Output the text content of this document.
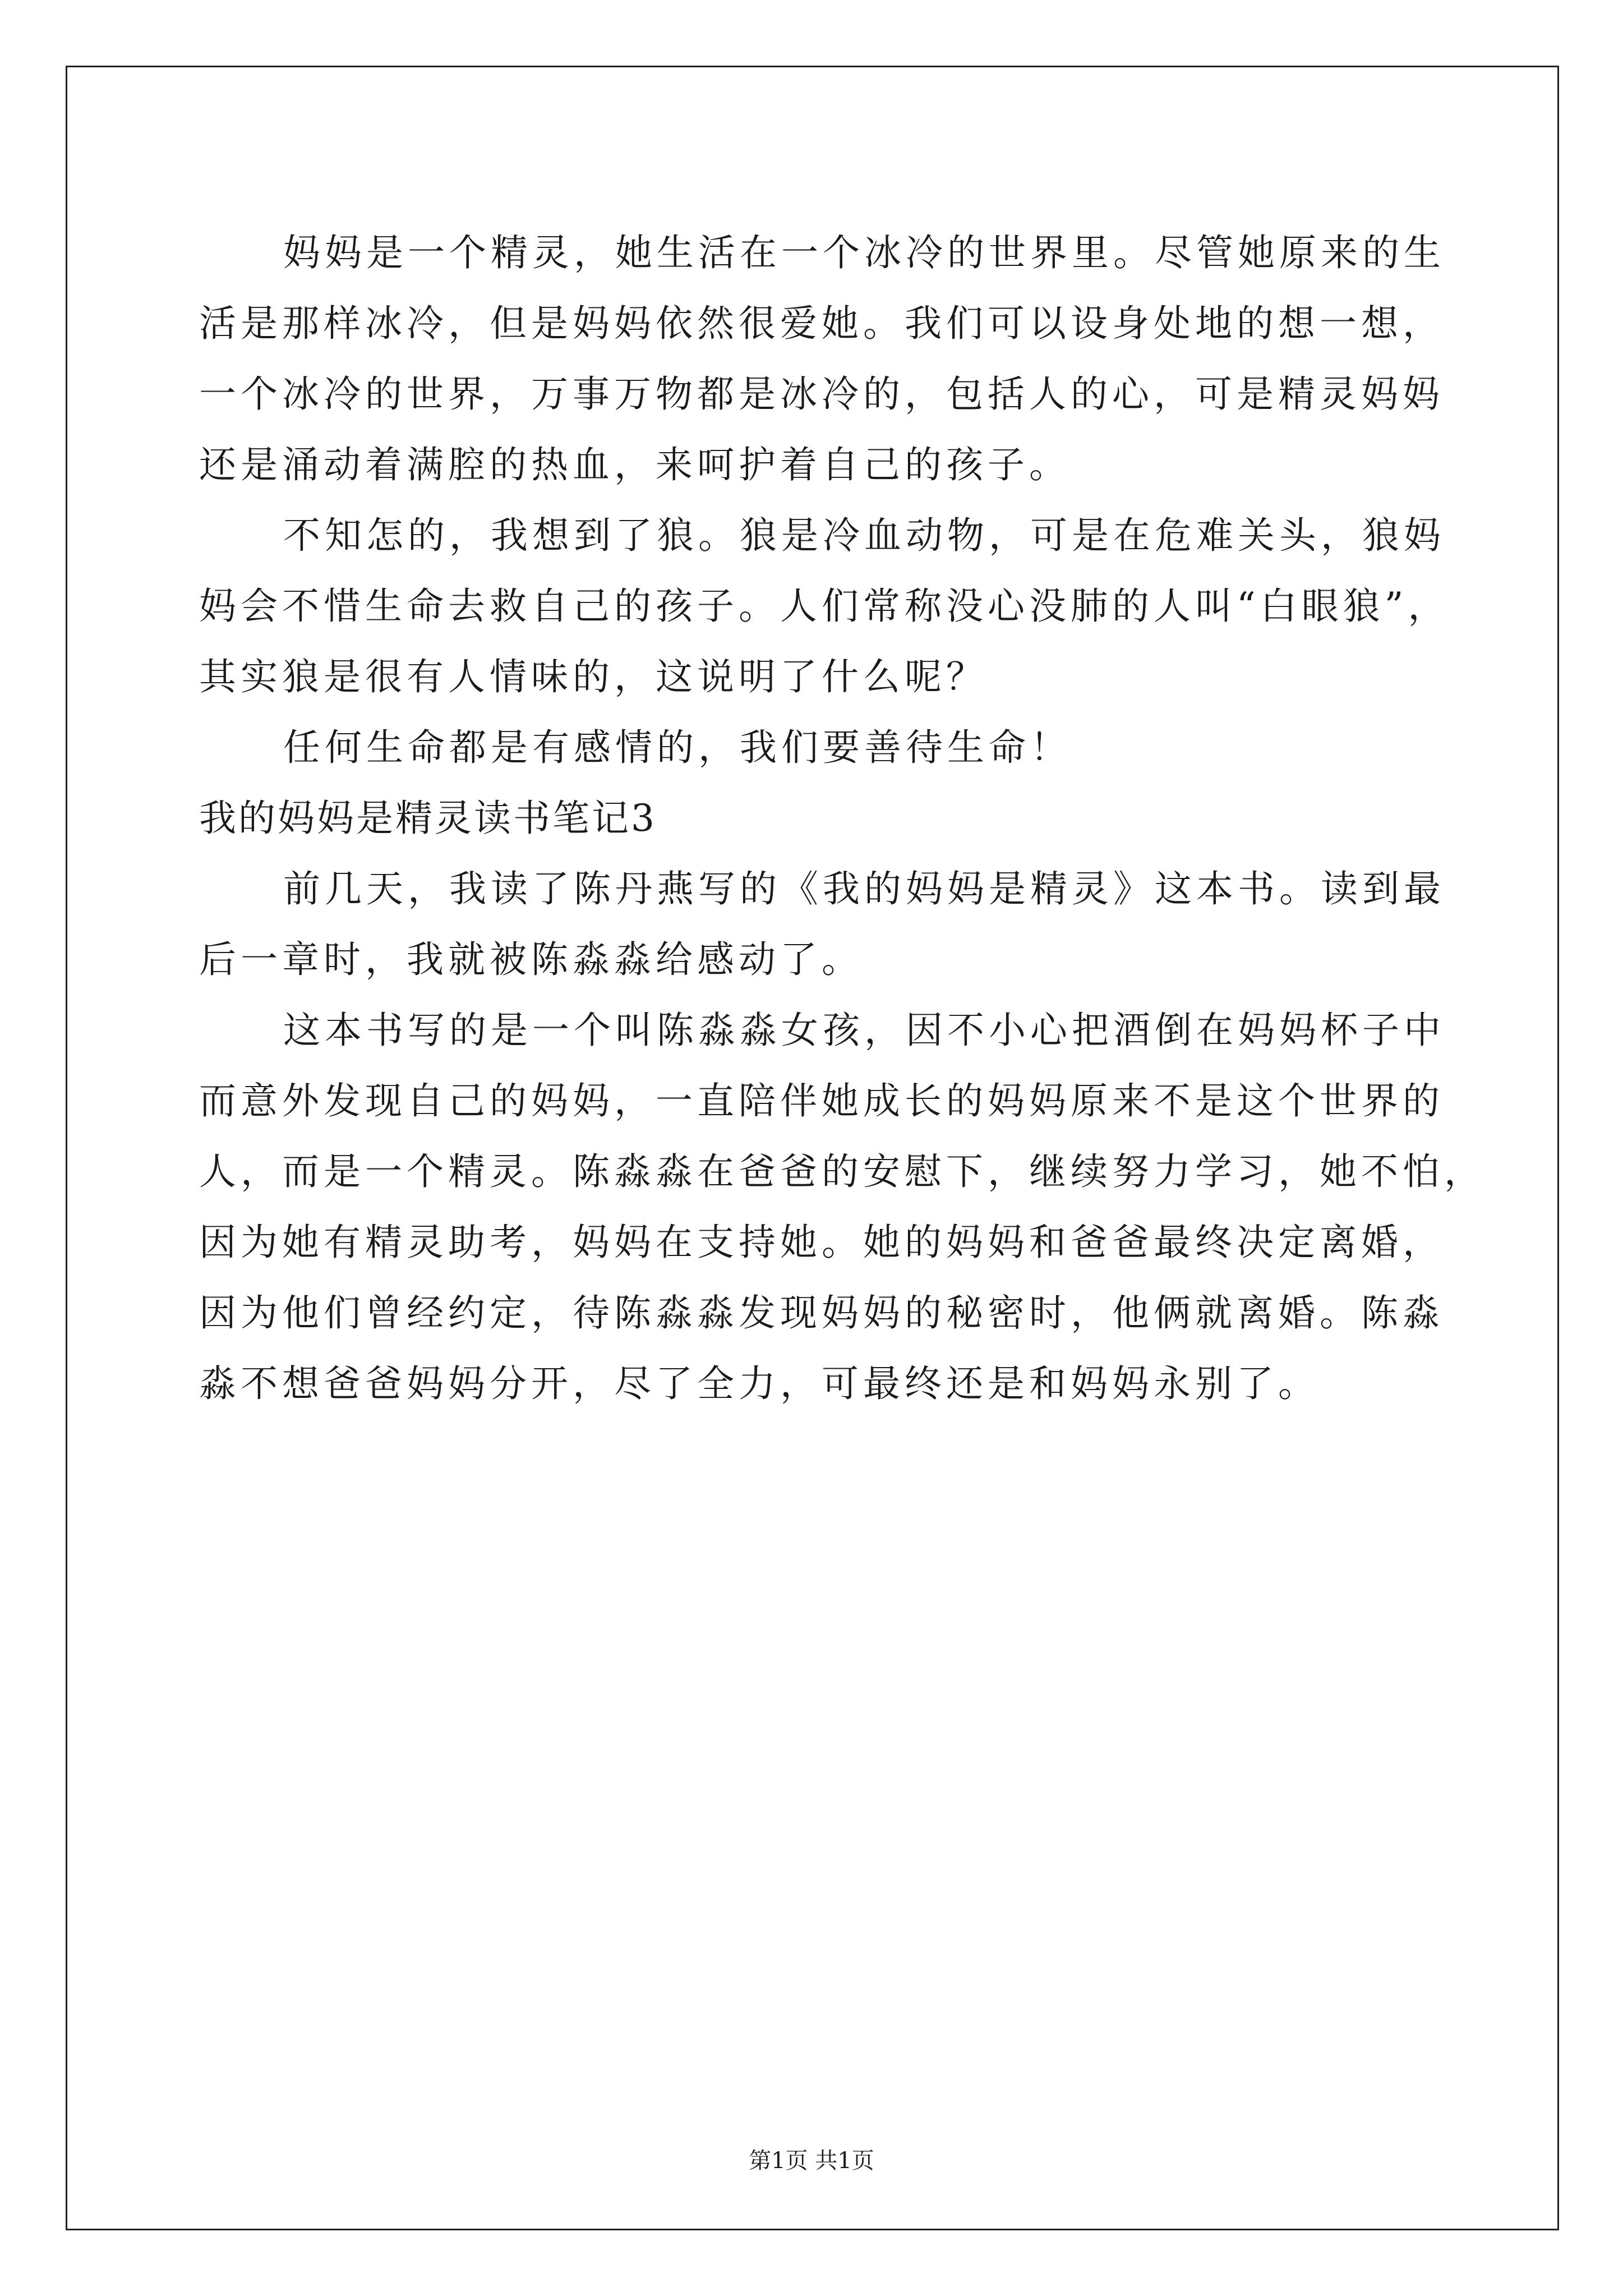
妈妈是一个精灵，她生活在一个冰冷的世界里。尽管她原来的生
活是那样冰冷，但是妈妈依然很爱她。我们可以设身处地的想一想，
一个冰冷的世界，万事万物都是冰冷的，包括人的心，可是精灵妈妈
还是涌动着满腔的热血，来呵护着自己的孩子。
不知怎的，我想到了狼。狼是冷血动物，可是在危难关头，狼妈
妈会不惜生命去救自己的孩子。人们常称没心没肺的人叫“白眼狼”，
其实狼是很有人情味的，这说明了什么呢？
任何生命都是有感情的，我们要善待生命！
我的妈妈是精灵读书笔记3
前几天，我读了陈丹燕写的《我的妈妈是精灵》这本书。读到最
后一章时，我就被陈淼淼给感动了。
这本书写的是一个叫陈淼淼女孩，因不小心把酒倒在妈妈杯子中
而意外发现自己的妈妈，一直陪伴她成长的妈妈原来不是这个世界的
人，而是一个精灵。陈淼淼在爸爸的安慰下，继续努力学习，她不怕，
因为她有精灵助考，妈妈在支持她。她的妈妈和爸爸最终决定离婚，
因为他们曾经约定，待陈淼淼发现妈妈的秘密时，他俩就离婚。陈淼
淼不想爸爸妈妈分开，尽了全力，可最终还是和妈妈永别了。
第1页 共1页
